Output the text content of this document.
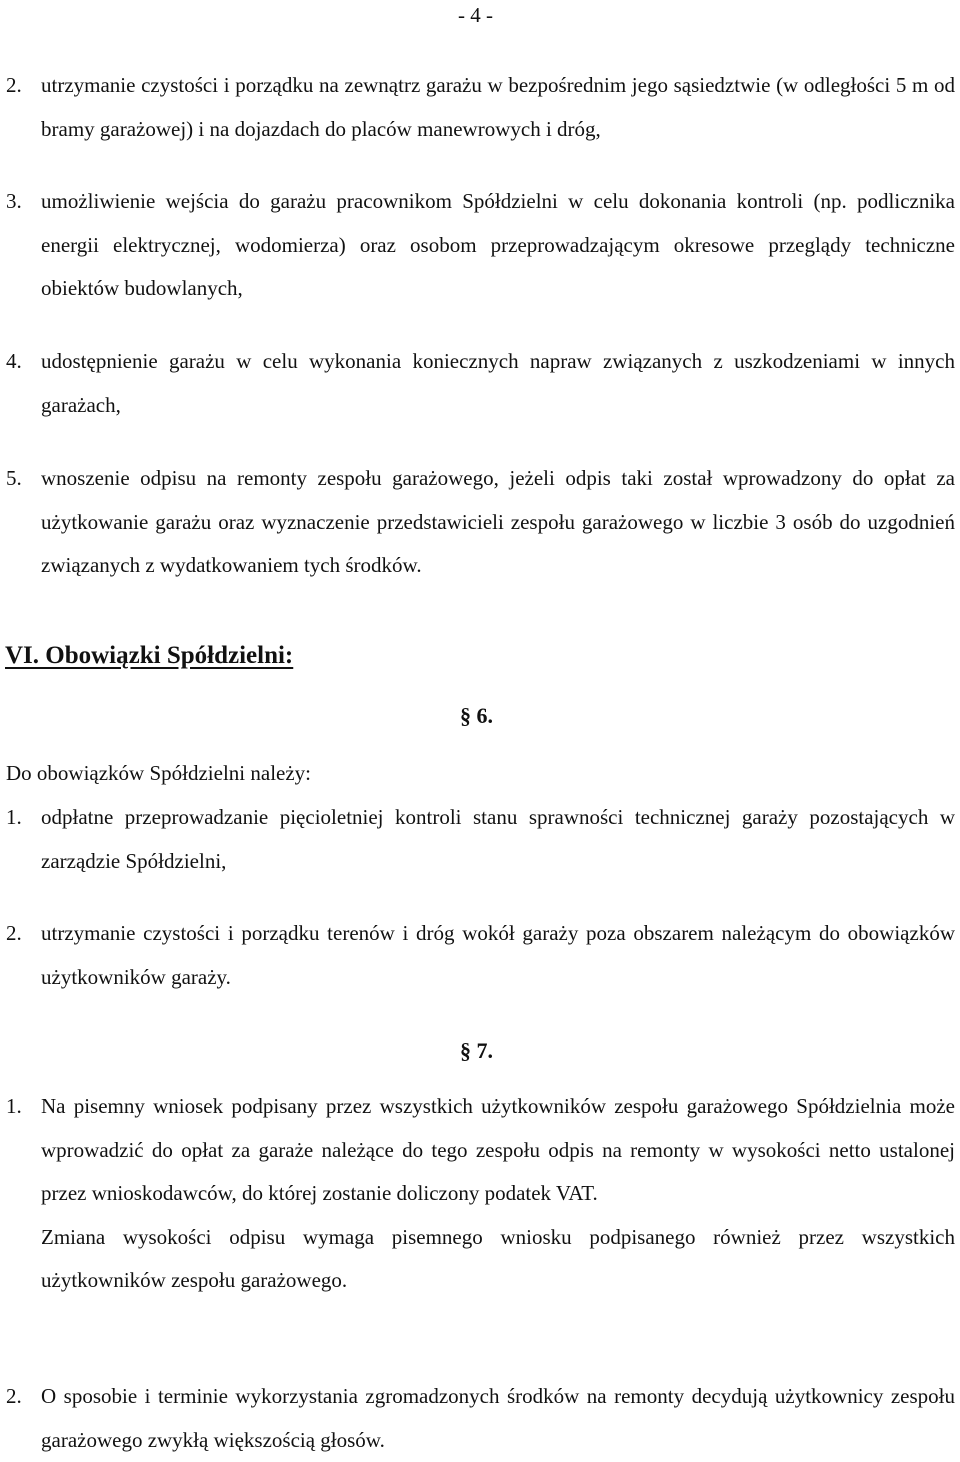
- 4 -
2. utrzymanie czystości i porządku na zewnątrz garażu w bezpośrednim jego sąsiedztwie (w odległości 5 m od bramy garażowej) i na dojazdach do placów manewrowych i dróg,
3. umożliwienie wejścia do garażu pracownikom Spółdzielni w celu dokonania kontroli (np. podlicznika energii elektrycznej, wodomierza) oraz osobom przeprowadzającym okresowe przeglądy techniczne obiektów budowlanych,
4. udostępnienie garażu w celu wykonania koniecznych napraw związanych z uszkodzeniami w innych garażach,
5. wnoszenie odpisu na remonty zespołu garażowego, jeżeli odpis taki został wprowadzony do opłat za użytkowanie garażu oraz wyznaczenie przedstawicieli zespołu garażowego w liczbie 3 osób do uzgodnień związanych z wydatkowaniem tych środków.
VI. Obowiązki Spółdzielni:
§ 6.
Do obowiązków Spółdzielni należy:
1. odpłatne przeprowadzanie pięcioletniej kontroli stanu sprawności technicznej garaży pozostających w zarządzie Spółdzielni,
2. utrzymanie czystości i porządku terenów i dróg wokół garaży poza obszarem należącym do obowiązków użytkowników garaży.
§ 7.
1. Na pisemny wniosek podpisany przez wszystkich użytkowników zespołu garażowego Spółdzielnia może wprowadzić do opłat za garaże należące do tego zespołu odpis na remonty w wysokości netto ustalonej przez wnioskodawców, do której zostanie doliczony podatek VAT.
Zmiana wysokości odpisu wymaga pisemnego wniosku podpisanego również przez wszystkich użytkowników zespołu garażowego.
2. O sposobie i terminie wykorzystania zgromadzonych środków na remonty decydują użytkownicy zespołu garażowego zwykłą większością głosów.
